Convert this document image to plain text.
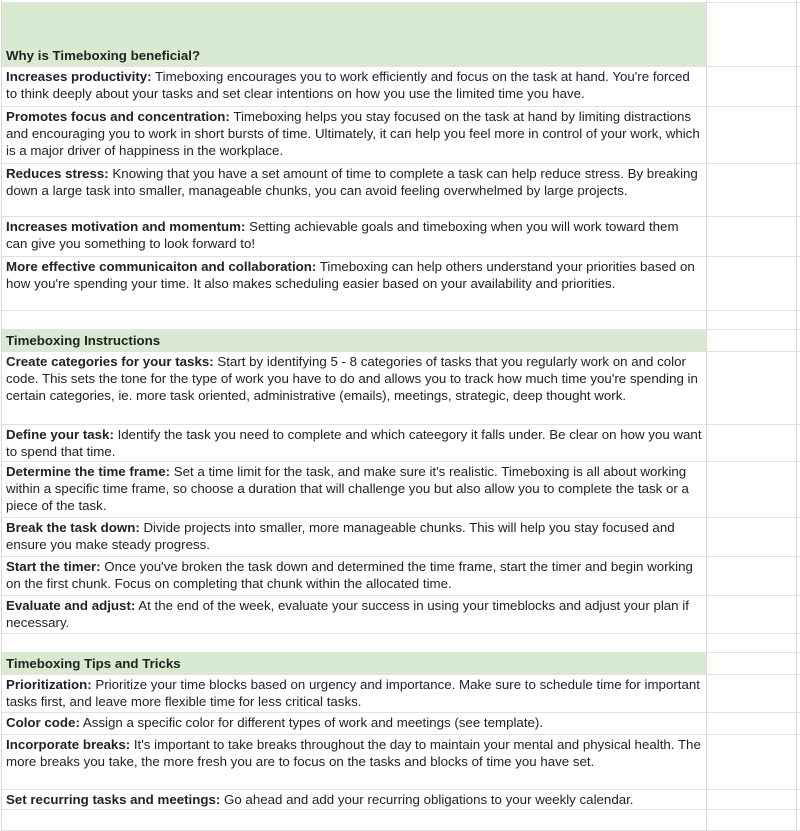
Why is Timeboxing beneficial?
Increases productivity: Timeboxing encourages you to work efficiently and focus on the task at hand. You're forced to think deeply about your tasks and set clear intentions on how you use the limited time you have.
Promotes focus and concentration: Timeboxing helps you stay focused on the task at hand by limiting distractions and encouraging you to work in short bursts of time. Ultimately, it can help you feel more in control of your work, which is a major driver of happiness in the workplace.
Reduces stress: Knowing that you have a set amount of time to complete a task can help reduce stress. By breaking down a large task into smaller, manageable chunks, you can avoid feeling overwhelmed by large projects.
Increases motivation and momentum: Setting achievable goals and timeboxing when you will work toward them can give you something to look forward to!
More effective communicaiton and collaboration: Timeboxing can help others understand your priorities based on how you're spending your time. It also makes scheduling easier based on your availability and priorities.
Timeboxing Instructions
Create categories for your tasks: Start by identifying 5 - 8 categories of tasks that you regularly work on and color code. This sets the tone for the type of work you have to do and allows you to track how much time you're spending in certain categories, ie. more task oriented, administrative (emails), meetings, strategic, deep thought work.
Define your task: Identify the task you need to complete and which cateegory it falls under. Be clear on how you want to spend that time.
Determine the time frame: Set a time limit for the task, and make sure it's realistic. Timeboxing is all about working within a specific time frame, so choose a duration that will challenge you but also allow you to complete the task or a piece of the task.
Break the task down: Divide projects into smaller, more manageable chunks. This will help you stay focused and ensure you make steady progress.
Start the timer: Once you've broken the task down and determined the time frame, start the timer and begin working on the first chunk. Focus on completing that chunk within the allocated time.
Evaluate and adjust: At the end of the week, evaluate your success in using your timeblocks and adjust your plan if necessary.
Timeboxing Tips and Tricks
Prioritization: Prioritize your time blocks based on urgency and importance. Make sure to schedule time for important tasks first, and leave more flexible time for less critical tasks.
Color code: Assign a specific color for different types of work and meetings (see template).
Incorporate breaks: It's important to take breaks throughout the day to maintain your mental and physical health. The more breaks you take, the more fresh you are to focus on the tasks and blocks of time you have set.
Set recurring tasks and meetings: Go ahead and add your recurring obligations to your weekly calendar.
